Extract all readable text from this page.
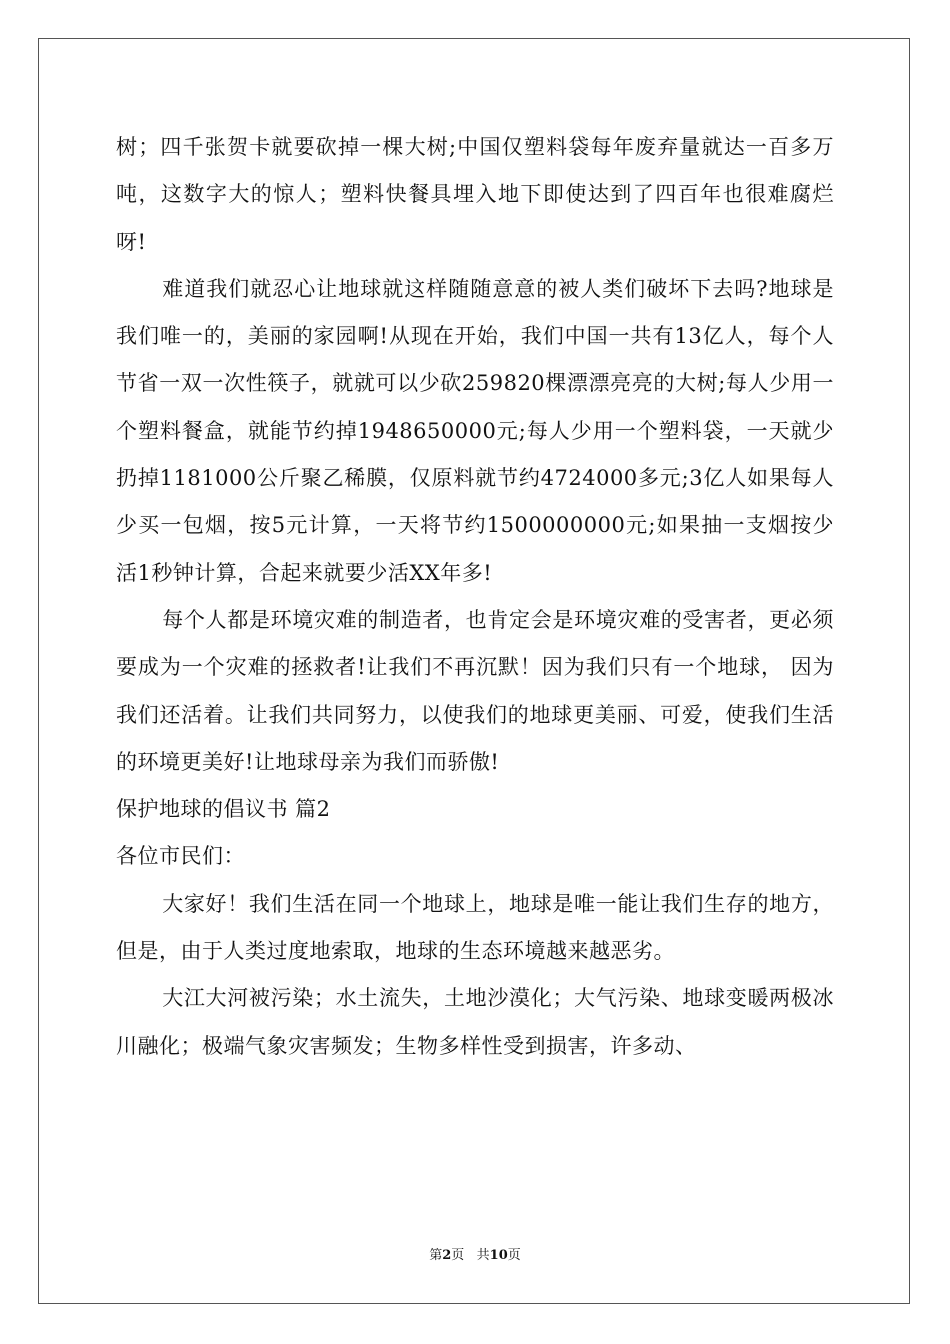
树；四千张贺卡就要砍掉一棵大树;中国仅塑料袋每年废弃量就达一百多万吨，这数字大的惊人；塑料快餐具埋入地下即使达到了四百年也很难腐烂呀!

难道我们就忍心让地球就这样随随意意的被人类们破坏下去吗?地球是我们唯一的，美丽的家园啊!从现在开始，我们中国一共有13亿人，每个人节省一双一次性筷子，就就可以少砍259820棵漂漂亮亮的大树;每人少用一个塑料餐盒，就能节约掉1948650000元;每人少用一个塑料袋，一天就少扔掉1181000公斤聚乙稀膜，仅原料就节约4724000多元;3亿人如果每人少买一包烟，按5元计算，一天将节约1500000000元;如果抽一支烟按少活1秒钟计算，合起来就要少活XX年多!

每个人都是环境灾难的制造者，也肯定会是环境灾难的受害者，更必须要成为一个灾难的拯救者!让我们不再沉默！因为我们只有一个地球， 因为我们还活着。让我们共同努力，以使我们的地球更美丽、可爱，使我们生活的环境更美好!让地球母亲为我们而骄傲!

保护地球的倡议书 篇2

各位市民们：

大家好！我们生活在同一个地球上，地球是唯一能让我们生存的地方，但是，由于人类过度地索取，地球的生态环境越来越恶劣。

大江大河被污染；水土流失，土地沙漠化；大气污染、地球变暖两极冰川融化；极端气象灾害频发；生物多样性受到损害，许多动、

第2页   共10页
